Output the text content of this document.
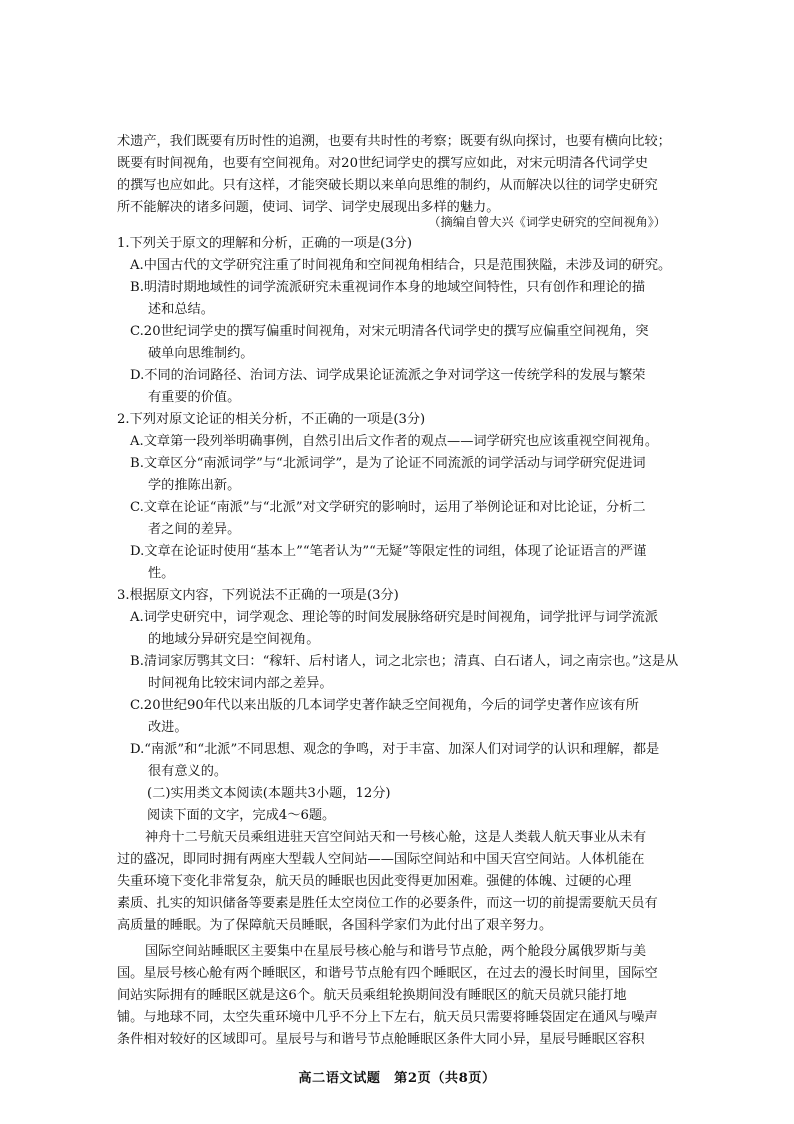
术遗产，我们既要有历时性的追溯，也要有共时性的考察；既要有纵向探讨，也要有横向比较；
既要有时间视角，也要有空间视角。对20世纪词学史的撰写应如此，对宋元明清各代词学史
的撰写也应如此。只有这样，才能突破长期以来单向思维的制约，从而解决以往的词学史研究
所不能解决的诸多问题，使词、词学、词学史展现出多样的魅力。
（摘编自曾大兴《词学史研究的空间视角》）
1.下列关于原文的理解和分析，正确的一项是(3分)
A.中国古代的文学研究注重了时间视角和空间视角相结合，只是范围狭隘，未涉及词的研究。
B.明清时期地域性的词学流派研究未重视词作本身的地域空间特性，只有创作和理论的描
述和总结。
C.20世纪词学史的撰写偏重时间视角，对宋元明清各代词学史的撰写应偏重空间视角，突
破单向思维制约。
D.不同的治词路径、治词方法、词学成果论证流派之争对词学这一传统学科的发展与繁荣
有重要的价值。
2.下列对原文论证的相关分析，不正确的一项是(3分)
A.文章第一段列举明确事例，自然引出后文作者的观点——词学研究也应该重视空间视角。
B.文章区分“南派词学”与“北派词学”，是为了论证不同流派的词学活动与词学研究促进词
学的推陈出新。
C.文章在论证“南派”与“北派”对文学研究的影响时，运用了举例论证和对比论证，分析二
者之间的差异。
D.文章在论证时使用“基本上”“笔者认为”“无疑”等限定性的词组，体现了论证语言的严谨
性。
3.根据原文内容，下列说法不正确的一项是(3分)
A.词学史研究中，词学观念、理论等的时间发展脉络研究是时间视角，词学批评与词学流派
的地域分异研究是空间视角。
B.清词家厉鹗其文曰：“稼轩、后村诸人，词之北宗也；清真、白石诸人，词之南宗也。”这是从
时间视角比较宋词内部之差异。
C.20世纪90年代以来出版的几本词学史著作缺乏空间视角，今后的词学史著作应该有所
改进。
D.“南派”和“北派”不同思想、观念的争鸣，对于丰富、加深人们对词学的认识和理解，都是
很有意义的。
(二)实用类文本阅读(本题共3小题，12分)
阅读下面的文字，完成4～6题。
神舟十二号航天员乘组进驻天宫空间站天和一号核心舱，这是人类载人航天事业从未有
过的盛况，即同时拥有两座大型载人空间站——国际空间站和中国天宫空间站。人体机能在
失重环境下变化非常复杂，航天员的睡眠也因此变得更加困难。强健的体魄、过硬的心理
素质、扎实的知识储备等要素是胜任太空岗位工作的必要条件，而这一切的前提需要航天员有
高质量的睡眠。为了保障航天员睡眠，各国科学家们为此付出了艰辛努力。
国际空间站睡眠区主要集中在星辰号核心舱与和谐号节点舱，两个舱段分属俄罗斯与美
国。星辰号核心舱有两个睡眠区，和谐号节点舱有四个睡眠区，在过去的漫长时间里，国际空
间站实际拥有的睡眠区就是这6个。航天员乘组轮换期间没有睡眠区的航天员就只能打地
铺。与地球不同，太空失重环境中几乎不分上下左右，航天员只需要将睡袋固定在通风与噪声
条件相对较好的区域即可。星辰号与和谐号节点舱睡眠区条件大同小异，星辰号睡眠区容积
高二语文试题　第2页（共8页）
